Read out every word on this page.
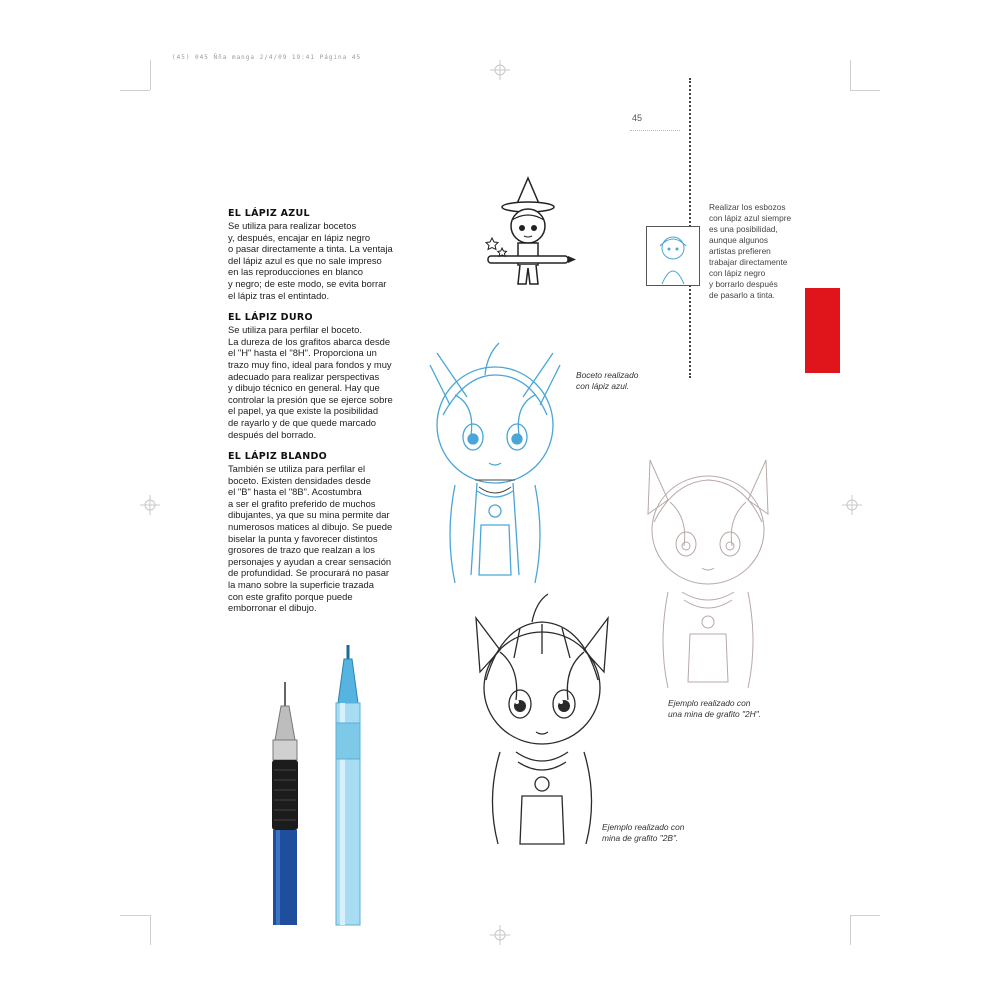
(45) 045 Ñña manga 2/4/09 19:41 Página 45
45
EL LÁPIZ AZUL
Se utiliza para realizar bocetos
y, después, encajar en lápiz negro
o pasar directamente a tinta. La ventaja
del lápiz azul es que no sale impreso
en las reproducciones en blanco
y negro; de este modo, se evita borrar
el lápiz tras el entintado.
EL LÁPIZ DURO
Se utiliza para perfilar el boceto.
La dureza de los grafitos abarca desde
el "H" hasta el "8H". Proporciona un
trazo muy fino, ideal para fondos y muy
adecuado para realizar perspectivas
y dibujo técnico en general. Hay que
controlar la presión que se ejerce sobre
el papel, ya que existe la posibilidad
de rayarlo y de que quede marcado
después del borrado.
EL LÁPIZ BLANDO
También se utiliza para perfilar el
boceto. Existen densidades desde
el "B" hasta el "8B". Acostumbra
a ser el grafito preferido de muchos
dibujantes, ya que su mina permite dar
numerosos matices al dibujo. Se puede
biselar la punta y favorecer distintos
grosores de trazo que realzan a los
personajes y ayudan a crear sensación
de profundidad. Se procurará no pasar
la mano sobre la superficie trazada
con este grafito porque puede
emborronar el dibujo.
Realizar los esbozos
con lápiz azul siempre
es una posibilidad,
aunque algunos
artistas prefieren
trabajar directamente
con lápiz negro
y borrarlo después
de pasarlo a tinta.
Boceto realizado
con lápiz azul.
Ejemplo realizado con
una mina de grafito "2H".
Ejemplo realizado con
mina de grafito "2B".
